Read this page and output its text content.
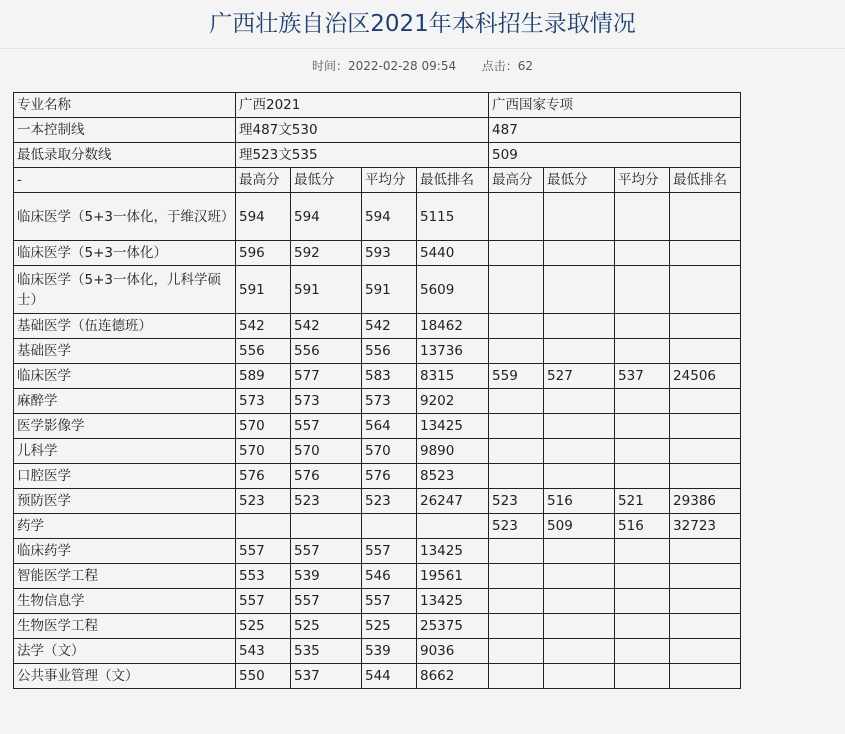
广西壮族自治区2021年本科招生录取情况
时间：2022-02-28 09:54 点击：62
专业名称	广西2021				广西国家专项			
一本控制线	理487文530				487			
最低录取分数线	理523文535				509			
-	最高分	最低分	平均分	最低排名	最高分	最低分	平均分	最低排名
临床医学（5+3一体化，于维汉班）	594	594	594	5115				
临床医学（5+3一体化）	596	592	593	5440				
临床医学（5+3一体化，儿科学硕士）	591	591	591	5609				
基础医学（伍连德班）	542	542	542	18462				
基础医学	556	556	556	13736				
临床医学	589	577	583	8315	559	527	537	24506
麻醉学	573	573	573	9202				
医学影像学	570	557	564	13425				
儿科学	570	570	570	9890				
口腔医学	576	576	576	8523				
预防医学	523	523	523	26247	523	516	521	29386
药学					523	509	516	32723
临床药学	557	557	557	13425				
智能医学工程	553	539	546	19561				
生物信息学	557	557	557	13425				
生物医学工程	525	525	525	25375				
法学（文）	543	535	539	9036				
公共事业管理（文）	550	537	544	8662				
